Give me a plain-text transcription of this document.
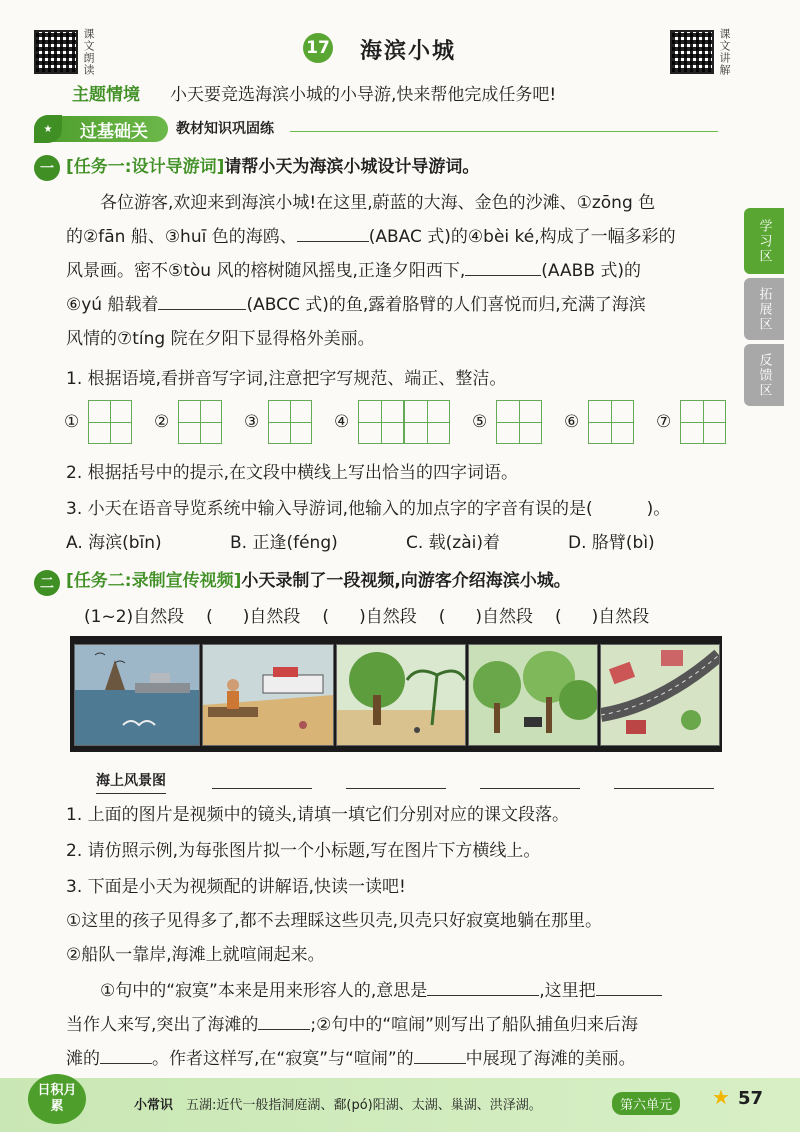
课文朗读	17 海滨小城	课文讲解
主题情境 小天要竞选海滨小城的小导游,快来帮他完成任务吧!
过基础关
★	教材知识巩固练
学习区
拓展区
反馈区
一 [任务一:设计导游词]请帮小天为海滨小城设计导游词。
各位游客,欢迎来到海滨小城!在这里,蔚蓝的大海、金色的沙滩、①zōng 色
的②fān 船、③huī 色的海鸥、	(ABAC 式)的④bèi ké,构成了一幅多彩的
风景画。密不⑤tòu 风的榕树随风摇曳,正逢夕阳西下,	(AABB 式)的
⑥yú 船载着	(ABCC 式)的鱼,露着胳臂的人们喜悦而归,充满了海滨
风情的⑦tíng 院在夕阳下显得格外美丽。
1. 根据语境,看拼音写字词,注意把字写规范、端正、整洁。
①	②	③	④	⑤	⑥	⑦
2. 根据括号中的提示,在文段中横线上写出恰当的四字词语。
3. 小天在语音导览系统中输入导游词,他输入的加点字的字音有误的是(	)。
A. 海滨(bīn)	B. 正逢(féng)	C. 载(zài)着	D. 胳臂(bì)
二 [任务二:录制宣传视频]小天录制了一段视频,向游客介绍海滨小城。
(1~2)自然段 ( )自然段 ( )自然段 ( )自然段 ( )自然段
海上风景图
1. 上面的图片是视频中的镜头,请填一填它们分别对应的课文段落。
2. 请仿照示例,为每张图片拟一个小标题,写在图片下方横线上。
3. 下面是小天为视频配的讲解语,快读一读吧!
①这里的孩子见得多了,都不去理睬这些贝壳,贝壳只好寂寞地躺在那里。
②船队一靠岸,海滩上就喧闹起来。
①句中的“寂寞”本来是用来形容人的,意思是	,这里把
当作人来写,突出了海滩的	;②句中的“喧闹”则写出了船队捕鱼归来后海
滩的	。作者这样写,在“寂寞”与“喧闹”的	中展现了海滩的美丽。
日积月累	小常识 五湖:近代一般指洞庭湖、鄱(pó)阳湖、太湖、巢湖、洪泽湖。	第六单元	★ 57
